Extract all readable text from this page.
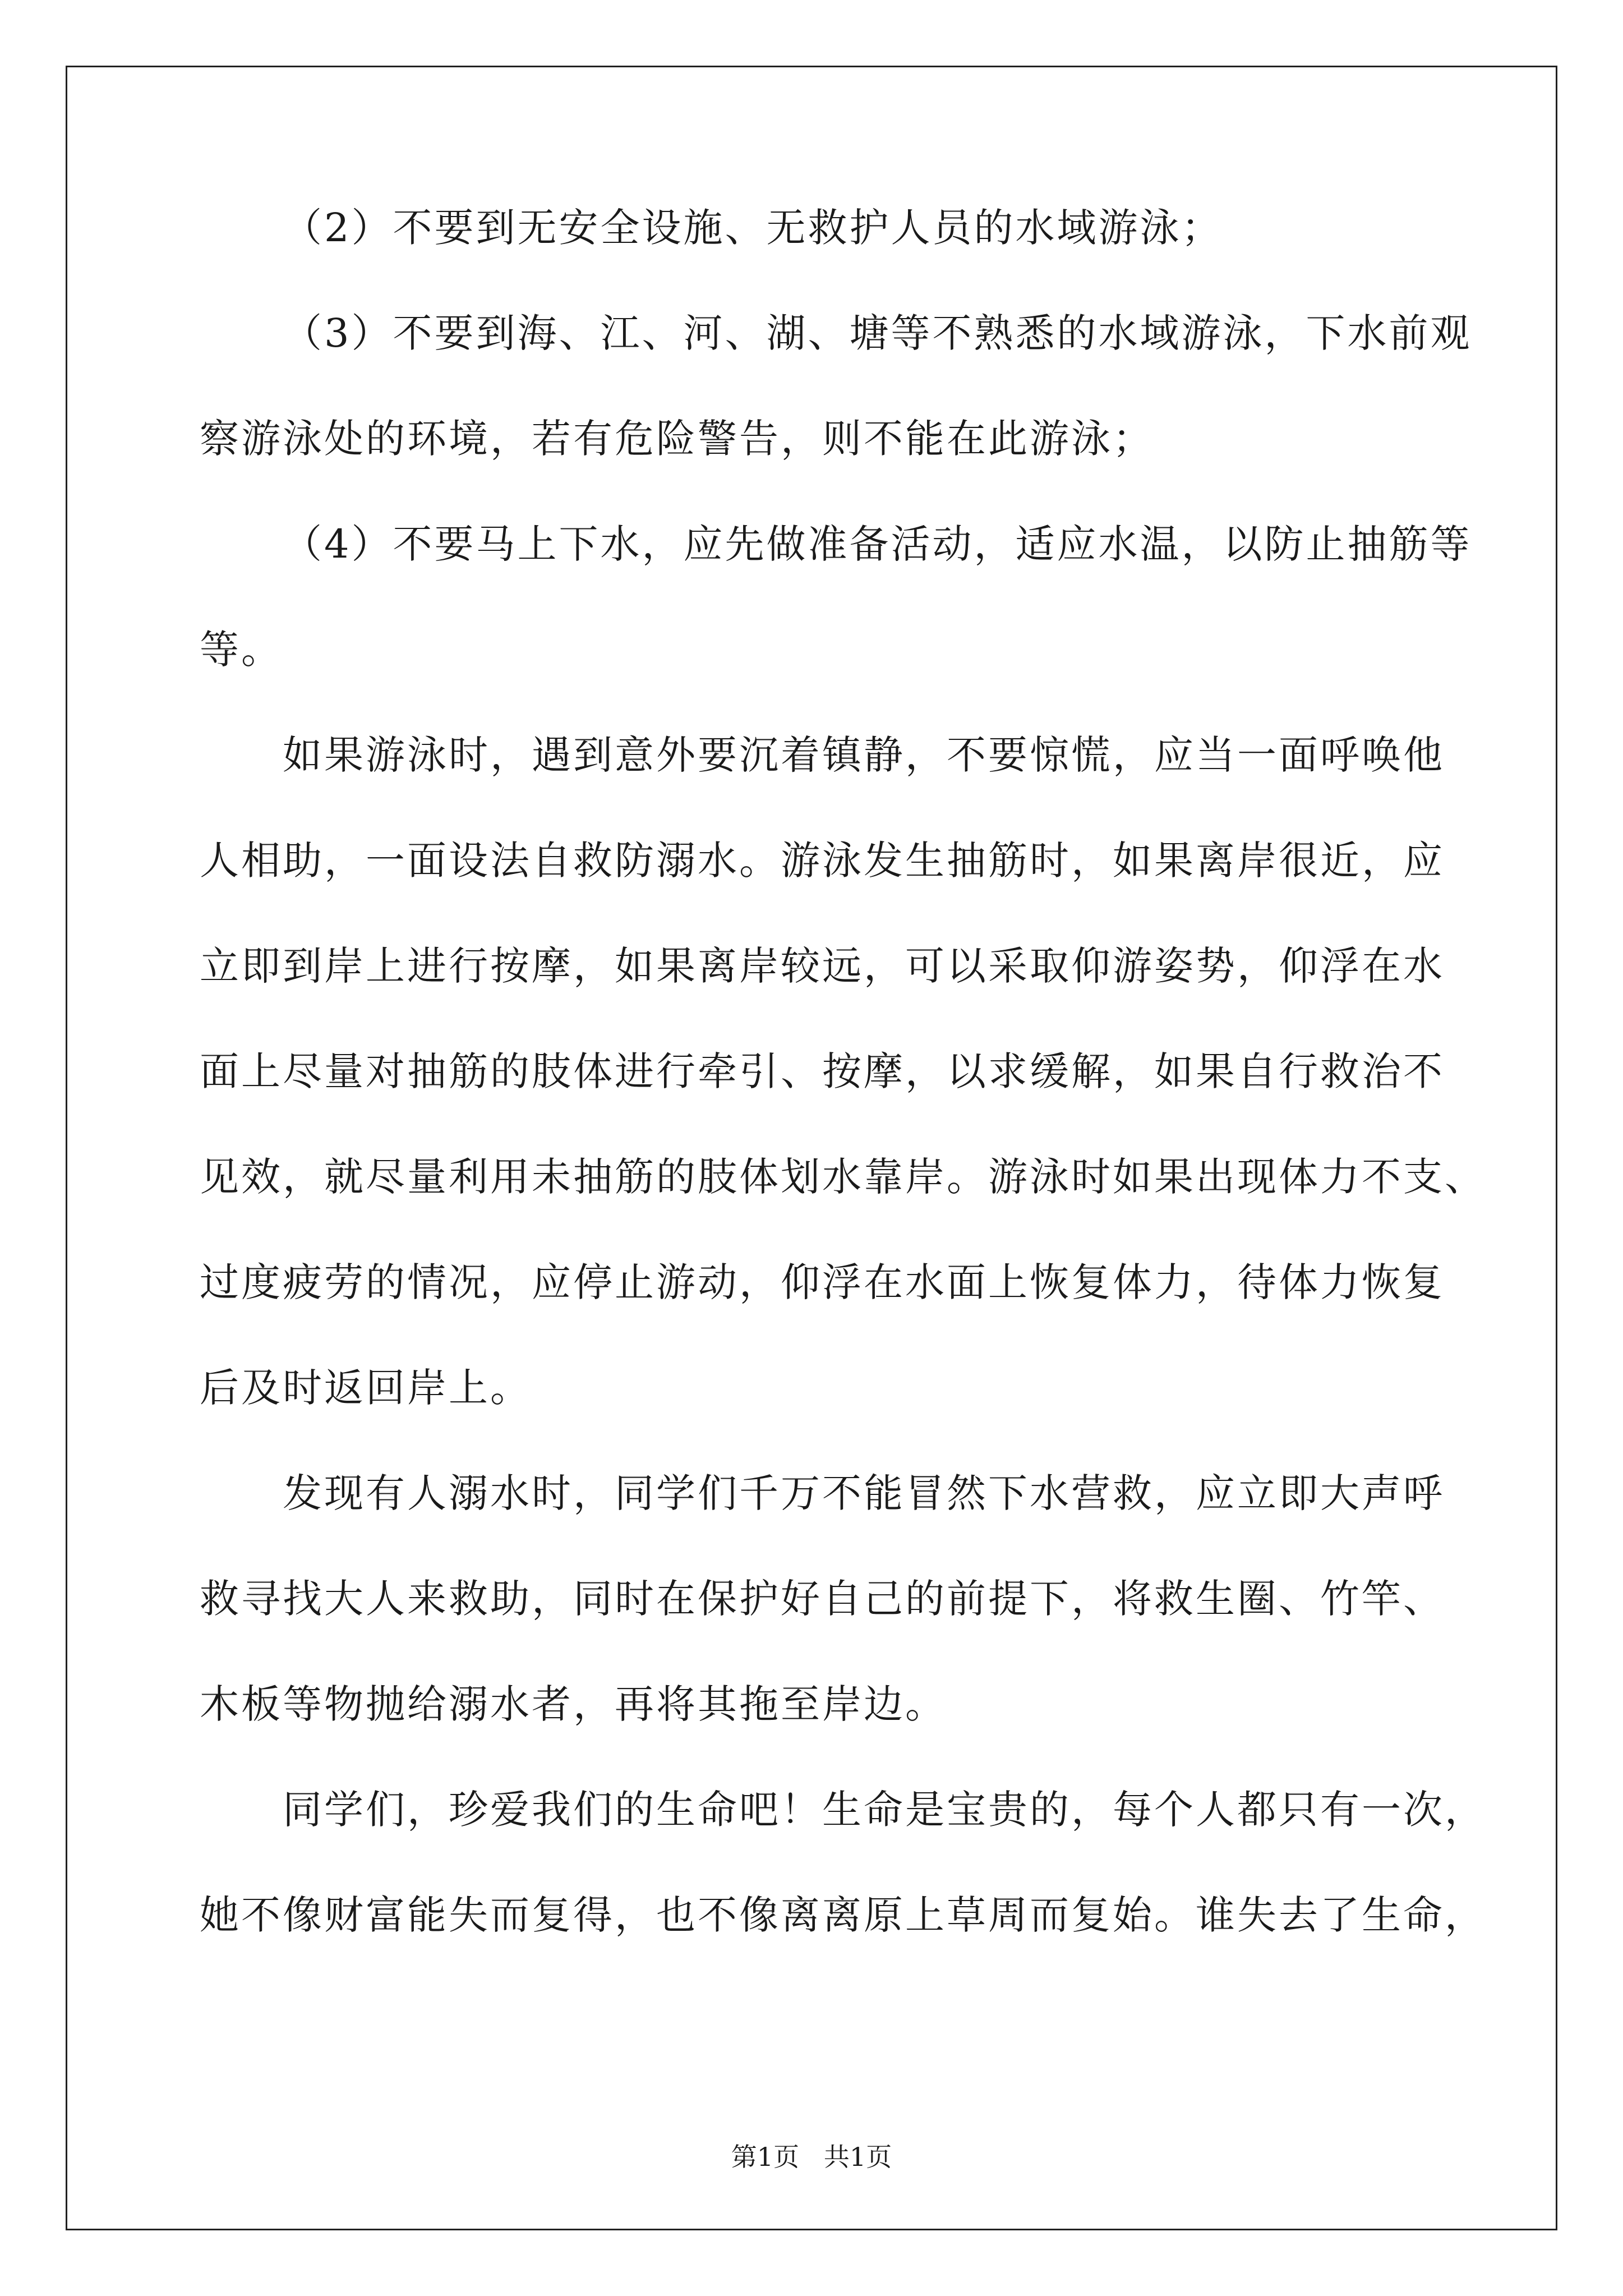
（2）不要到无安全设施、无救护人员的水域游泳；
（3）不要到海、江、河、湖、塘等不熟悉的水域游泳，下水前观
察游泳处的环境，若有危险警告，则不能在此游泳；
（4）不要马上下水，应先做准备活动，适应水温，以防止抽筋等
等。
如果游泳时，遇到意外要沉着镇静，不要惊慌，应当一面呼唤他
人相助，一面设法自救防溺水。游泳发生抽筋时，如果离岸很近，应
立即到岸上进行按摩，如果离岸较远，可以采取仰游姿势，仰浮在水
面上尽量对抽筋的肢体进行牵引、按摩，以求缓解，如果自行救治不
见效，就尽量利用未抽筋的肢体划水靠岸。游泳时如果出现体力不支、
过度疲劳的情况，应停止游动，仰浮在水面上恢复体力，待体力恢复
后及时返回岸上。
发现有人溺水时，同学们千万不能冒然下水营救，应立即大声呼
救寻找大人来救助，同时在保护好自己的前提下，将救生圈、竹竿、
木板等物抛给溺水者，再将其拖至岸边。
同学们，珍爱我们的生命吧！生命是宝贵的，每个人都只有一次，
她不像财富能失而复得，也不像离离原上草周而复始。谁失去了生命，
第1页   共1页
